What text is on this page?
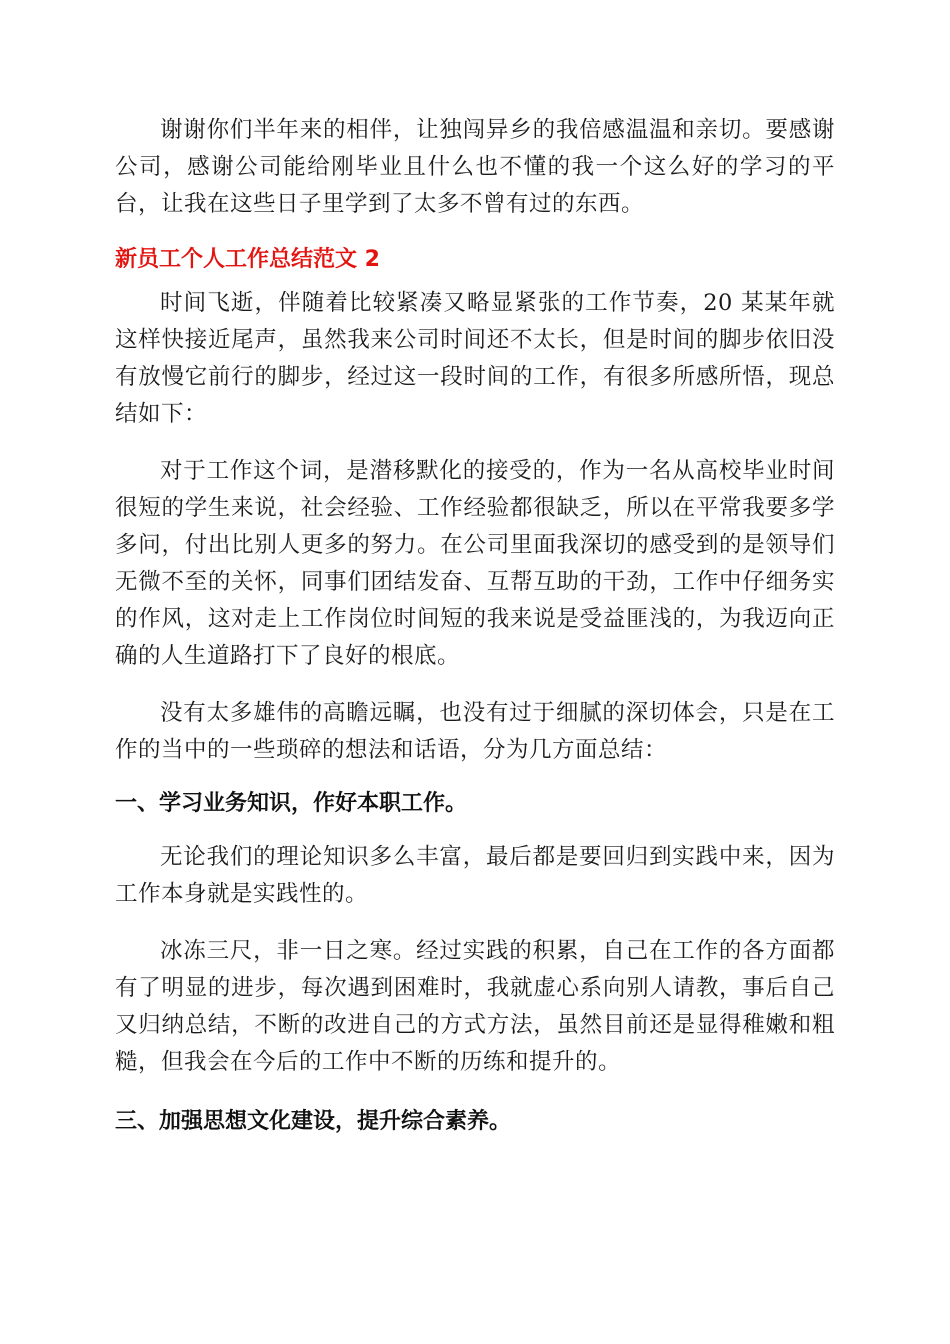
谢谢你们半年来的相伴，让独闯异乡的我倍感温温和亲切。要感谢公司，感谢公司能给刚毕业且什么也不懂的我一个这么好的学习的平台，让我在这些日子里学到了太多不曾有过的东西。

新员工个人工作总结范文 2

时间飞逝，伴随着比较紧凑又略显紧张的工作节奏，20 某某年就这样快接近尾声，虽然我来公司时间还不太长，但是时间的脚步依旧没有放慢它前行的脚步，经过这一段时间的工作，有很多所感所悟，现总结如下：

对于工作这个词，是潜移默化的接受的，作为一名从高校毕业时间很短的学生来说，社会经验、工作经验都很缺乏，所以在平常我要多学多问，付出比别人更多的努力。在公司里面我深切的感受到的是领导们无微不至的关怀，同事们团结发奋、互帮互助的干劲，工作中仔细务实的作风，这对走上工作岗位时间短的我来说是受益匪浅的，为我迈向正确的人生道路打下了良好的根底。

没有太多雄伟的高瞻远瞩，也没有过于细腻的深切体会，只是在工作的当中的一些琐碎的想法和话语，分为几方面总结：

一、学习业务知识，作好本职工作。

无论我们的理论知识多么丰富，最后都是要回归到实践中来，因为工作本身就是实践性的。

冰冻三尺，非一日之寒。经过实践的积累，自己在工作的各方面都有了明显的进步，每次遇到困难时，我就虚心系向别人请教，事后自己又归纳总结，不断的改进自己的方式方法，虽然目前还是显得稚嫩和粗糙，但我会在今后的工作中不断的历练和提升的。

三、加强思想文化建设，提升综合素养。
